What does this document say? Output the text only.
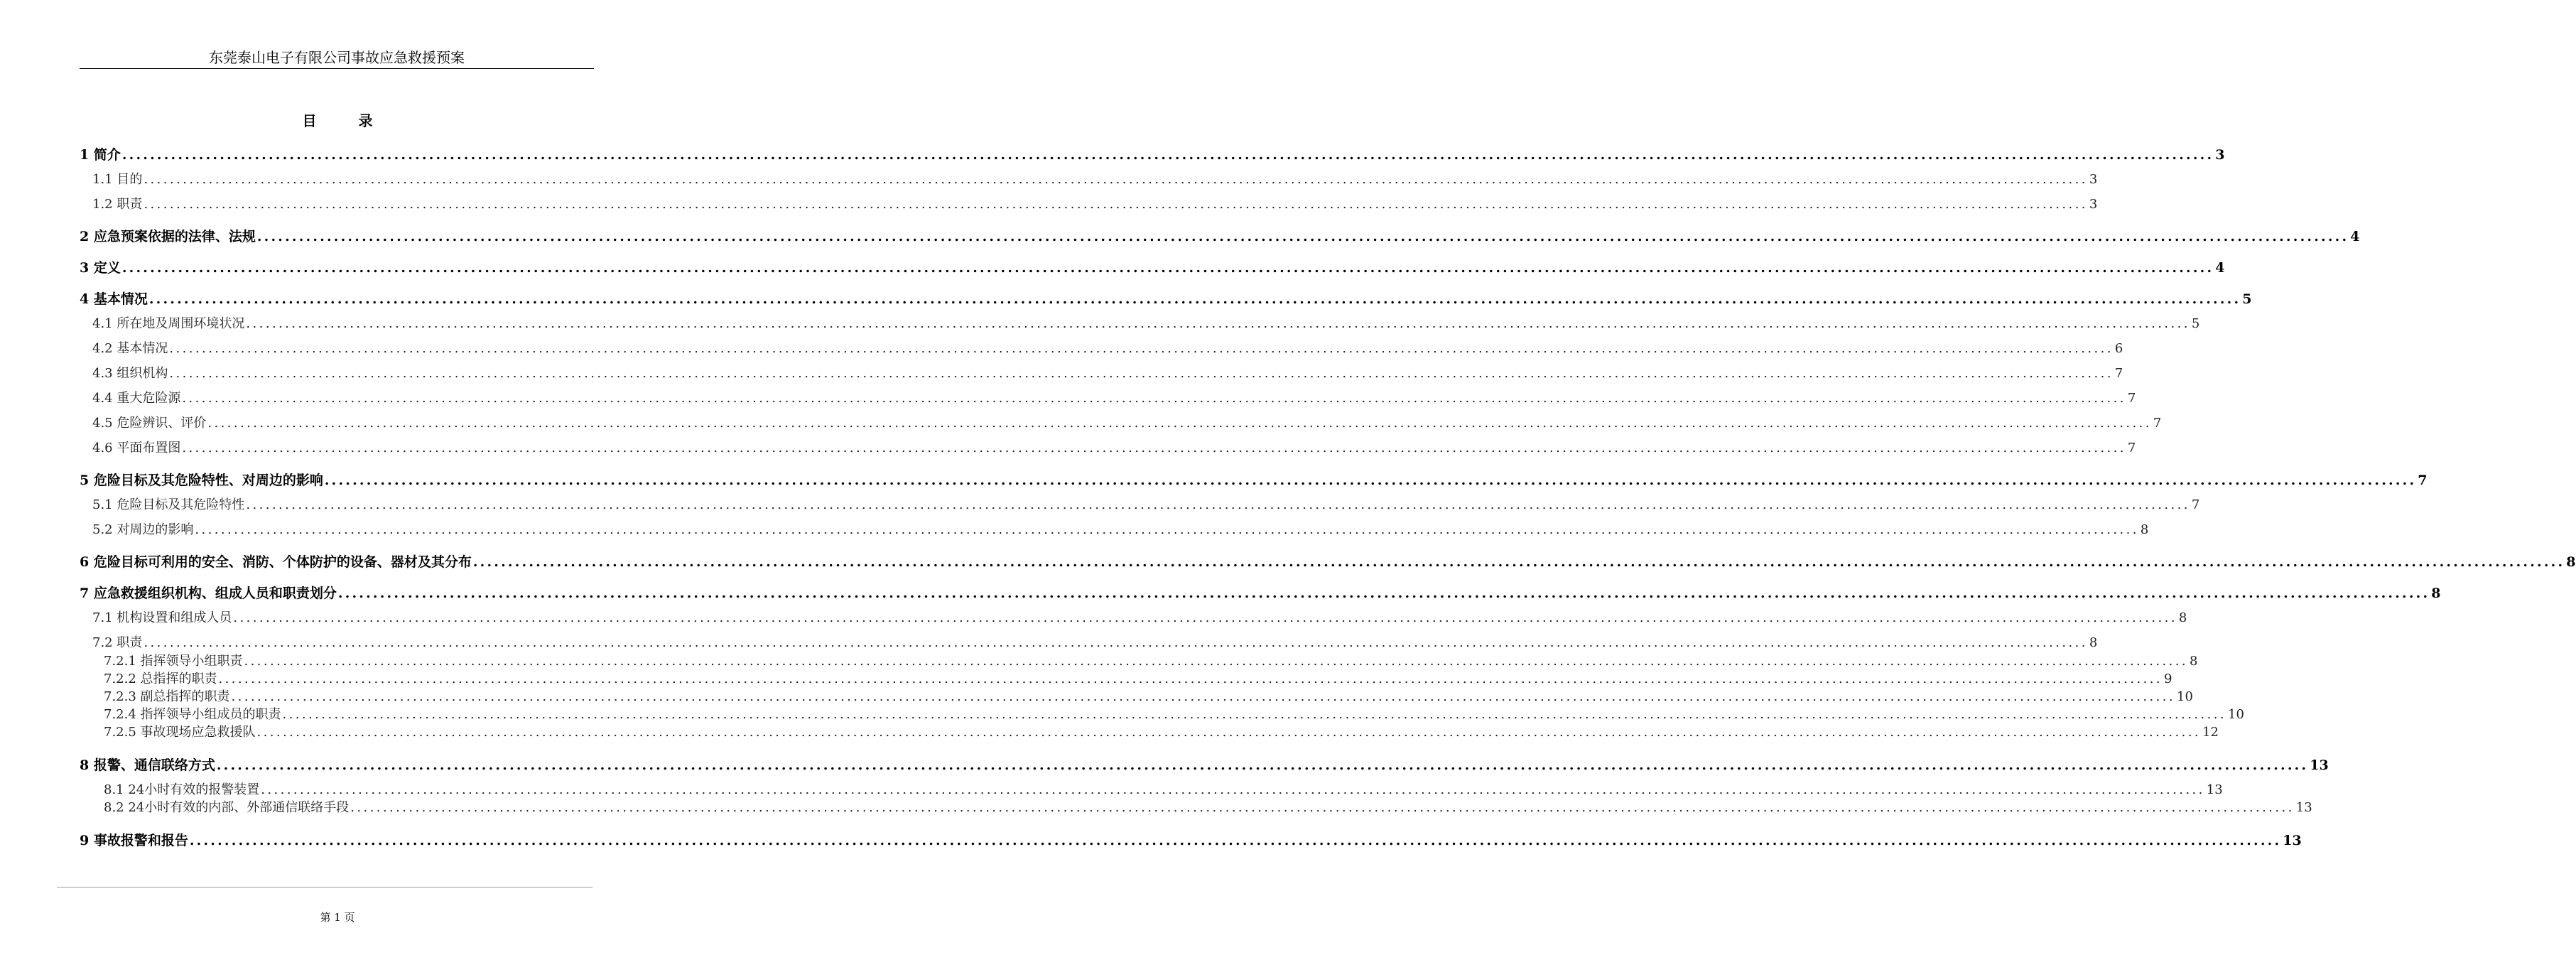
东莞泰山电子有限公司事故应急救援预案
目 录
1 简介 ............................................................................................................................................................................................................................................................................................................ 3
1.1 目的 ............................................................................................................................................................................................................................................................................................................ 3
1.2 职责 ............................................................................................................................................................................................................................................................................................................ 3
2 应急预案依据的法律、法规 ............................................................................................................................................................................................................................................................................................................ 4
3 定义 ............................................................................................................................................................................................................................................................................................................ 4
4 基本情况 ............................................................................................................................................................................................................................................................................................................ 5
4.1 所在地及周围环境状况 ............................................................................................................................................................................................................................................................................................................ 5
4.2 基本情况 ............................................................................................................................................................................................................................................................................................................ 6
4.3 组织机构 ............................................................................................................................................................................................................................................................................................................ 7
4.4 重大危险源 ............................................................................................................................................................................................................................................................................................................ 7
4.5 危险辨识、评价 ............................................................................................................................................................................................................................................................................................................ 7
4.6 平面布置图 ............................................................................................................................................................................................................................................................................................................ 7
5 危险目标及其危险特性、对周边的影响 ............................................................................................................................................................................................................................................................................................................ 7
5.1 危险目标及其危险特性 ............................................................................................................................................................................................................................................................................................................ 7
5.2 对周边的影响 ............................................................................................................................................................................................................................................................................................................ 8
6 危险目标可利用的安全、消防、个体防护的设备、器材及其分布 ............................................................................................................................................................................................................................................................................................................ 8
7 应急救援组织机构、组成人员和职责划分 ............................................................................................................................................................................................................................................................................................................ 8
7.1 机构设置和组成人员 ............................................................................................................................................................................................................................................................................................................ 8
7.2 职责 ............................................................................................................................................................................................................................................................................................................ 8
7.2.1 指挥领导小组职责 ............................................................................................................................................................................................................................................................................................................ 8
7.2.2 总指挥的职责 ............................................................................................................................................................................................................................................................................................................ 9
7.2.3 副总指挥的职责 ............................................................................................................................................................................................................................................................................................................ 10
7.2.4 指挥领导小组成员的职责 ............................................................................................................................................................................................................................................................................................................ 10
7.2.5 事故现场应急救援队 ............................................................................................................................................................................................................................................................................................................ 12
8 报警、通信联络方式 ............................................................................................................................................................................................................................................................................................................ 13
8.1 24小时有效的报警装置 ............................................................................................................................................................................................................................................................................................................ 13
8.2 24小时有效的内部、外部通信联络手段 ............................................................................................................................................................................................................................................................................................................ 13
9 事故报警和报告 ............................................................................................................................................................................................................................................................................................................ 13
第 1 页
